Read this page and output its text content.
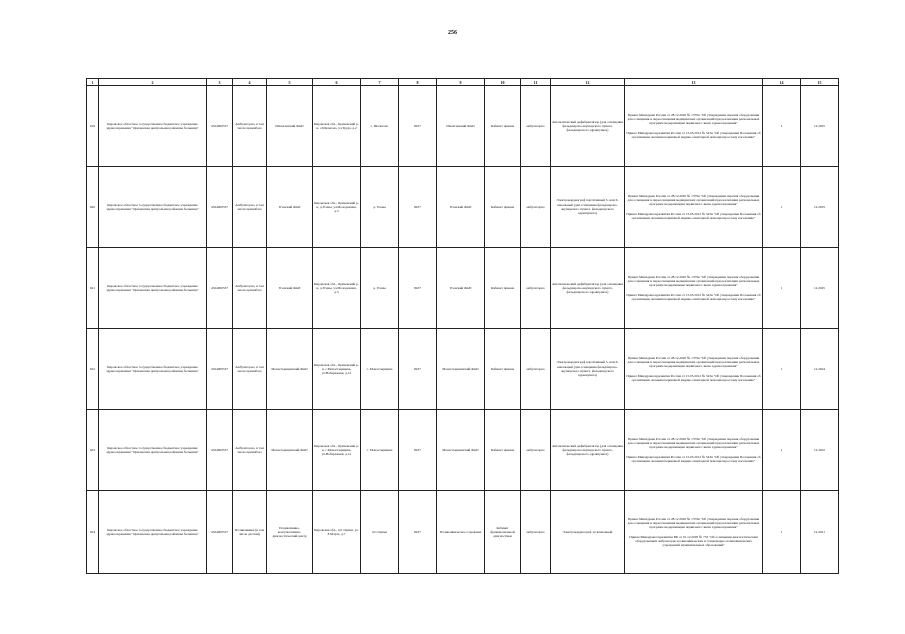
256
1	2	3	4	5	6	7	8	9	10	11	12	13	14	15
619	Кировское областное государственное бюджетное учреждение здравоохранения "Оричевская центральная районная больница"	4324000537	Амбулаторно, в том числе приембаза	Шалегинский ФАП	Кировская обл., Оричевский р-н, с.Шалегово, ул.Труда, д.2	с. Шалегово	8437	Шалегинский ФАП	Кабинет приема	амбулаторно	Автоматический дефибриллятор (для оснащения фельдшерско-акушерского пункта, фельдшерского здравпункта)	Приказ Минздрава России от 28.12.2020 № 1379н "Об утверждении перечня оборудования для оснащения и переоснащения медицинских организаций при реализации региональных программ модернизации первичного звена здравоохранения"
Приказ Минздравсоцразвития России от 15.05.2012 № 543н "Об утверждении Положения об организации оказания первичной медико-санитарной помощи взрослому населению"	1	12.2025
620	Кировское областное государственное бюджетное учреждение здравоохранения "Оричевская центральная районная больница"	4324000537	Амбулаторно, в том числе приембаза	Усенский ФАП	Кировская обл., Оричевский р-н, д.Усены, ул.Молодежная, д.3	д. Усены	8437	Усенский ФАП	Кабинет приема	амбулаторно	Электрокардиограф портативный 3- или 6-канальный (для оснащения фельдшерско-акушерского пункта, фельдшерского здравпункта)	Приказ Минздрава России от 28.12.2020 № 1379н "Об утверждении перечня оборудования для оснащения и переоснащения медицинских организаций при реализации региональных программ модернизации первичного звена здравоохранения"
Приказ Минздравсоцразвития России от 15.05.2012 № 543н "Об утверждении Положения об организации оказания первичной медико-санитарной помощи взрослому населению"	1	12.2025
621	Кировское областное государственное бюджетное учреждение здравоохранения "Оричевская центральная районная больница"	4324000537	Амбулаторно, в том числе приембаза	Усенский ФАП	Кировская обл., Оричевский р-н, д.Усены, ул.Молодежная, д.3	д. Усены	8437	Усенский ФАП	Кабинет приема	амбулаторно	Автоматический дефибриллятор (для оснащения фельдшерско-акушерского пункта, фельдшерского здравпункта)	Приказ Минздрава России от 28.12.2020 № 1379н "Об утверждении перечня оборудования для оснащения и переоснащения медицинских организаций при реализации региональных программ модернизации первичного звена здравоохранения"
Приказ Минздравсоцразвития России от 15.05.2012 № 543н "Об утверждении Положения об организации оказания первичной медико-санитарной помощи взрослому населению"	1	12.2025
622	Кировское областное государственное бюджетное учреждение здравоохранения "Оричевская центральная районная больница"	4324000537	Амбулаторно, в том числе приембаза	Монастырщинский ФАП	Кировская обл., Оричевский р-н, с.Монастырщина, ул.Набережная, д.12	с. Монастырщина	8437	Монастырщинский ФАП	Кабинет приема	амбулаторно	Электрокардиограф портативный 3- или 6-канальный (для оснащения фельдшерско-акушерского пункта, фельдшерского здравпункта)	Приказ Минздрава России от 28.12.2020 № 1379н "Об утверждении перечня оборудования для оснащения и переоснащения медицинских организаций при реализации региональных программ модернизации первичного звена здравоохранения"
Приказ Минздравсоцразвития России от 15.05.2012 № 543н "Об утверждении Положения об организации оказания первичной медико-санитарной помощи взрослому населению"	1	12.2024
623	Кировское областное государственное бюджетное учреждение здравоохранения "Оричевская центральная районная больница"	4324000537	Амбулаторно, в том числе приембаза	Монастырщинский ФАП	Кировская обл., Оричевский р-н, с.Монастырщина, ул.Набережная, д.12	с. Монастырщина	8437	Монастырщинский ФАП	Кабинет приема	амбулаторно	Автоматический дефибриллятор (для оснащения фельдшерско-акушерского пункта, фельдшерского здравпункта)	Приказ Минздрава России от 28.12.2020 № 1379н "Об утверждении перечня оборудования для оснащения и переоснащения медицинских организаций при реализации региональных программ модернизации первичного звена здравоохранения"
Приказ Минздравсоцразвития России от 15.05.2012 № 543н "Об утверждении Положения об организации оказания первичной медико-санитарной помощи взрослому населению"	1	12.2022
624	Кировское областное государственное бюджетное учреждение здравоохранения "Оричевская центральная районная больница"	4324000537	Поликлиника (в том числе детская)	Поликлинико-консультативно-диагностический центр	Кировская обл., пгт Оричи, ул. 8 Марта, д.7	пгт Оричи	8437	Поликлиническое отделение	Кабинет функциональной диагностики	амбулаторно	Электрокардиограф 12-канальный	Приказ Минздрава России от 28.12.2020 № 1379н "Об утверждении перечня оборудования для оснащения и переоснащения медицинских организаций при реализации региональных программ модернизации первичного звена здравоохранения"
Приказ Минздравсоцразвития РФ от 01.12.2005 № 753 "Об оснащении диагностическим оборудованием амбулаторно-поликлинических и стационарно-поликлинических учреждений муниципальных образований"	1	12.2021
